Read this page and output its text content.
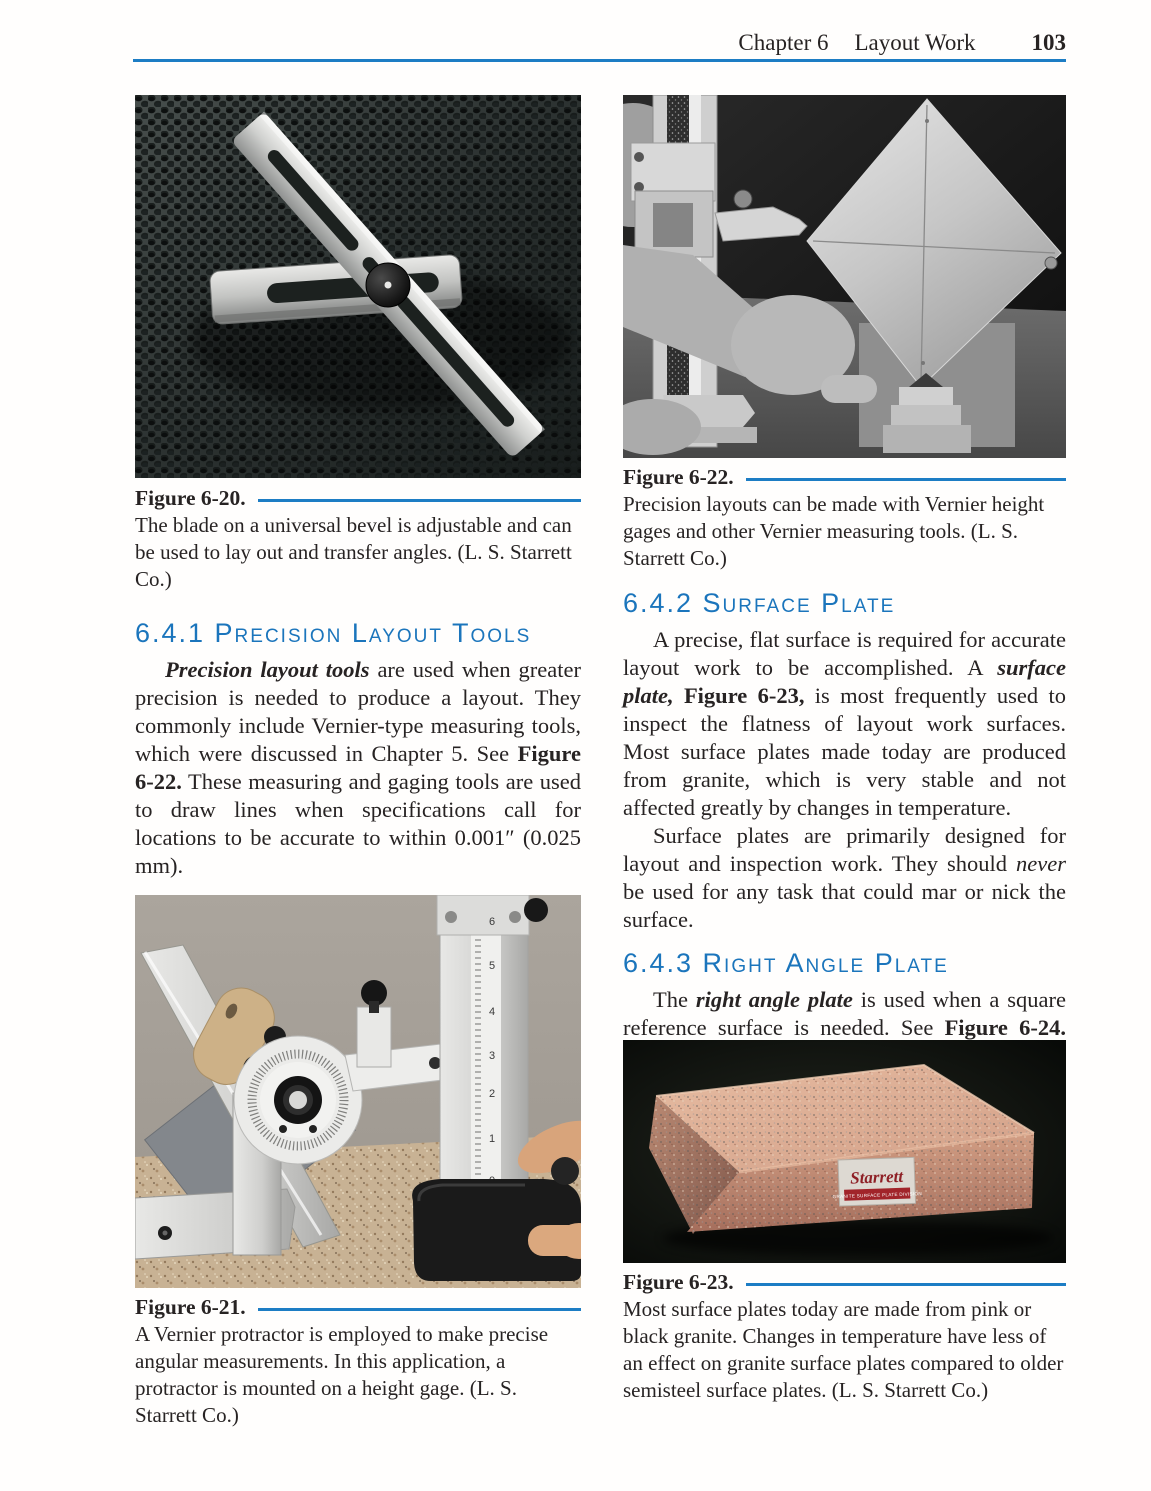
Chapter 6 Layout Work 103
Figure 6-20.
The blade on a universal bevel is adjustable and can be used to lay out and transfer angles. (L. S. Starrett Co.)
6.4.1 Precision Layout Tools

Precision layout tools are used when greater precision is needed to produce a layout. They commonly include Vernier-type measuring tools, which were discussed in Chapter 5. See Figure 6-22. These measuring and gaging tools are used to draw lines when specifications call for locations to be accurate to within 0.001″ (0.025 mm).

6
5
4
3
2
1
Figure 6-21.
A Vernier protractor is employed to make precise angular measurements. In this application, a protractor is mounted on a height gage. (L. S. Starrett Co.)
Figure 6-22.
Precision layouts can be made with Vernier height gages and other Vernier measuring tools. (L. S. Starrett Co.)
6.4.2 Surface Plate

A precise, flat surface is required for accurate layout work to be accomplished. A surface plate, Figure 6-23, is most frequently used to inspect the flatness of layout work surfaces. Most surface plates made today are produced from granite, which is very stable and not affected greatly by changes in temperature.

Surface plates are primarily designed for layout and inspection work. They should never be used for any task that could mar or nick the surface.

6.4.3 Right Angle Plate

The right angle plate is used when a square reference surface is needed. See Figure 6-24.

Starrett
GRANITE SURFACE PLATE DIVISION
Figure 6-23.
Most surface plates today are made from pink or black granite. Changes in temperature have less of an effect on granite surface plates compared to older semisteel surface plates. (L. S. Starrett Co.)
